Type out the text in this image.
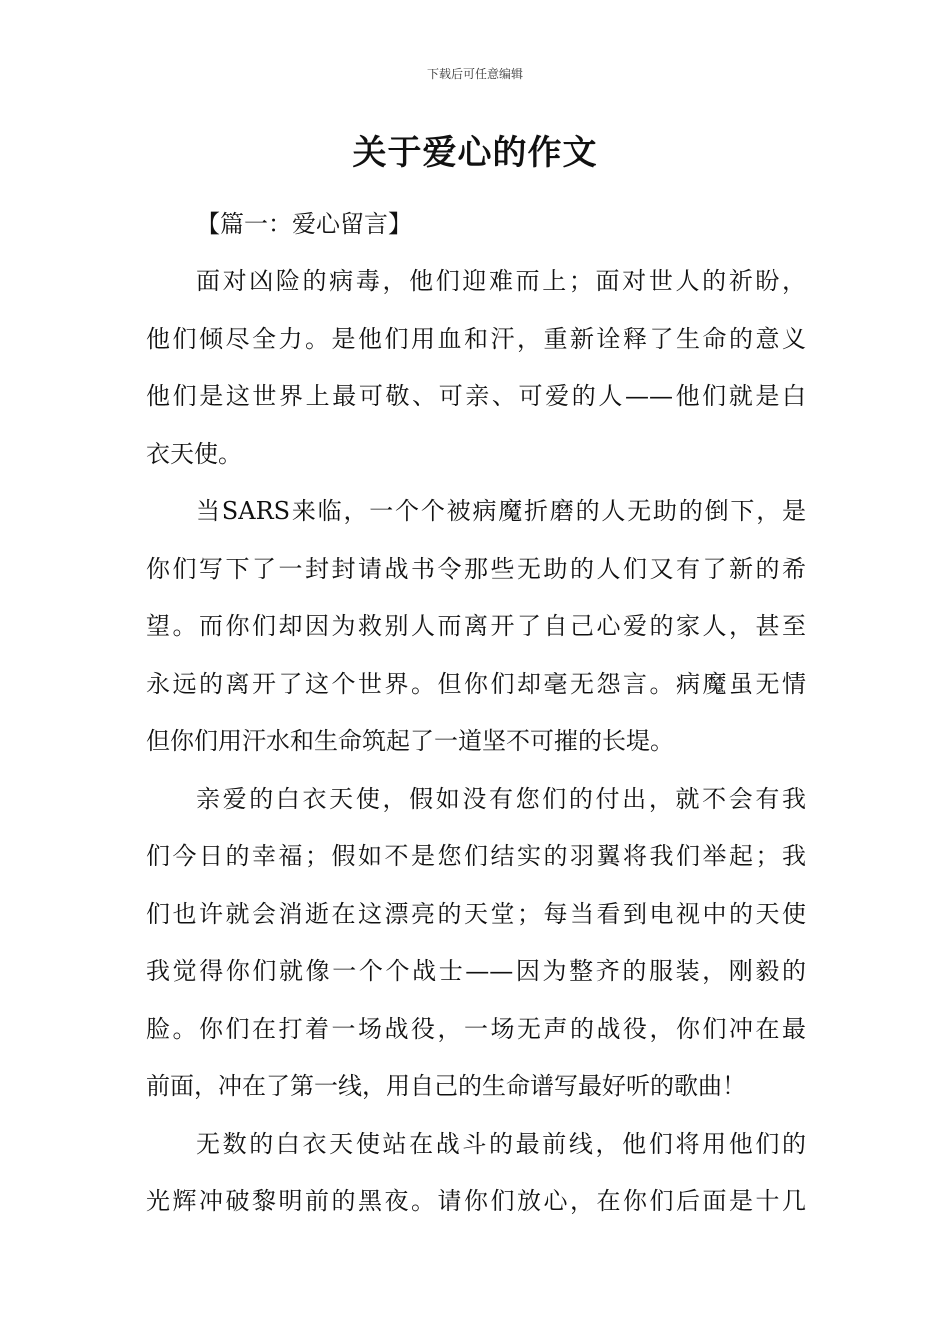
下载后可任意编辑
关于爱心的作文

【篇一：爱心留言】

面对凶险的病毒，他们迎难而上；面对世人的祈盼，

他们倾尽全力。是他们用血和汗，重新诠释了生命的意义

他们是这世界上最可敬、可亲、可爱的人——他们就是白

衣天使。

当SARS来临，一个个被病魔折磨的人无助的倒下，是

你们写下了一封封请战书令那些无助的人们又有了新的希

望。而你们却因为救别人而离开了自己心爱的家人，甚至

永远的离开了这个世界。但你们却毫无怨言。病魔虽无情

但你们用汗水和生命筑起了一道坚不可摧的长堤。

亲爱的白衣天使，假如没有您们的付出，就不会有我

们今日的幸福；假如不是您们结实的羽翼将我们举起；我

们也许就会消逝在这漂亮的天堂；每当看到电视中的天使

我觉得你们就像一个个战士——因为整齐的服装，刚毅的

脸。你们在打着一场战役，一场无声的战役，你们冲在最

前面，冲在了第一线，用自己的生命谱写最好听的歌曲！

无数的白衣天使站在战斗的最前线，他们将用他们的

光辉冲破黎明前的黑夜。请你们放心，在你们后面是十几
